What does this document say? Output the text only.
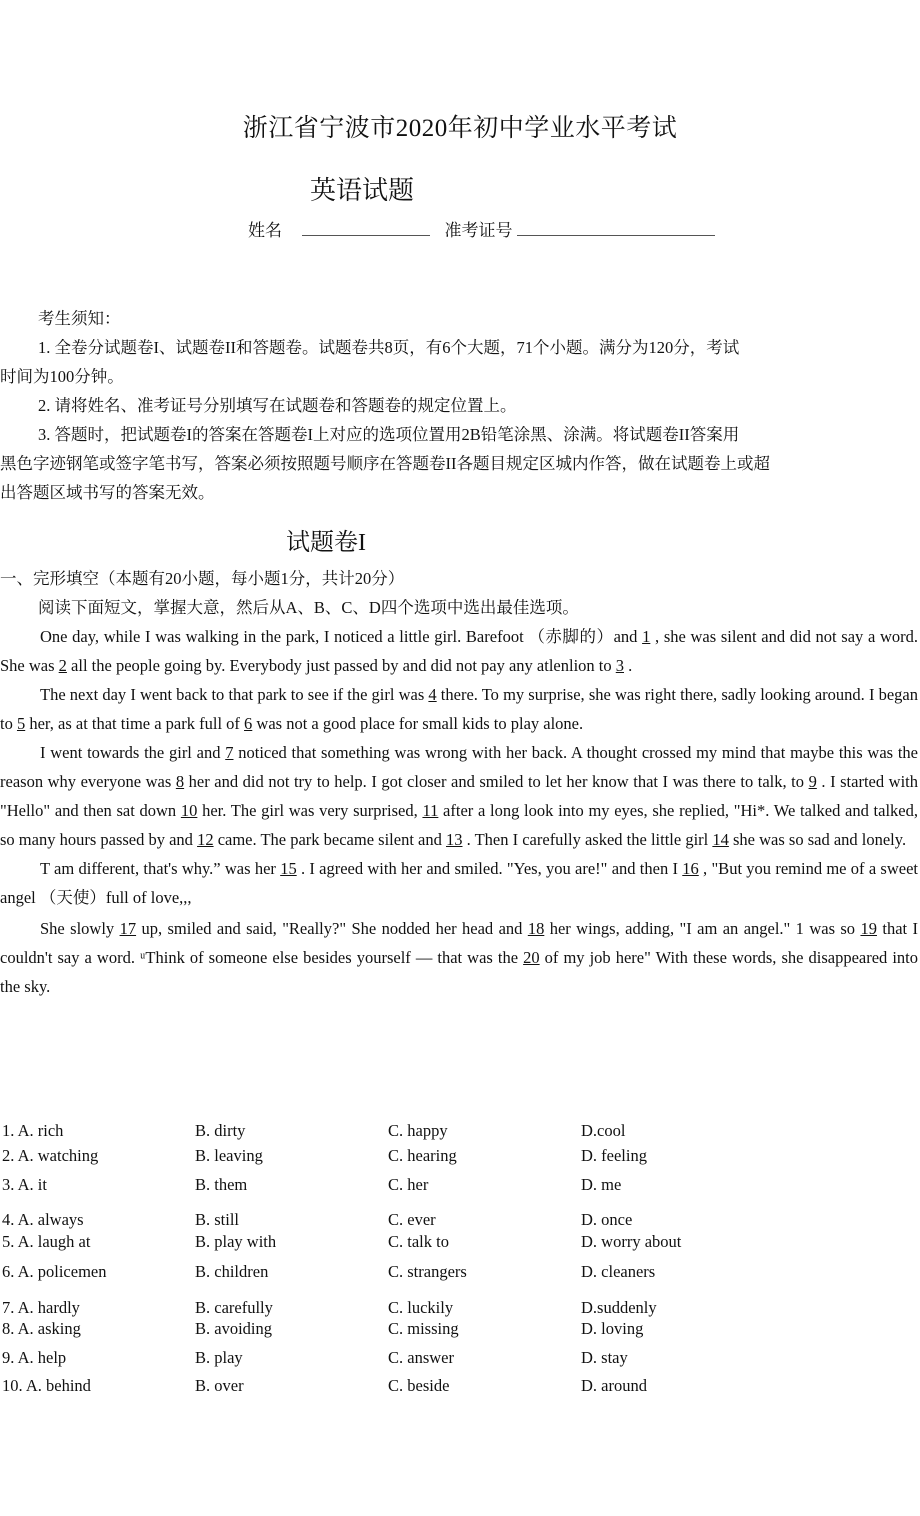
浙江省宁波市2020年初中学业水平考试
英语试题
姓名	准考证号

考生须知：

1. 全卷分试题卷I、试题卷II和答题卷。试题卷共8页，有6个大题，71个小题。满分为120分，考试

时间为100分钟。

2. 请将姓名、准考证号分别填写在试题卷和答题卷的规定位置上。

3. 答题时，把试题卷I的答案在答题卷I上对应的选项位置用2B铅笔涂黑、涂满。将试题卷II答案用

黑色字迹钢笔或签字笔书写，答案必须按照题号顺序在答题卷II各题目规定区城内作答，做在试题卷上或超

出答题区域书写的答案无效。

试题卷I

一、完形填空（本题有20小题，每小题1分，共计20分）

阅读下面短文，掌握大意，然后从A、B、C、D四个选项中选出最佳选项。

One day, while I was walking in the park, I noticed a little girl. Barefoot （赤脚的）and 1 , she was silent and did not say a word. She was 2 all the people going by. Everybody just passed by and did not pay any atlenlion to 3 .

The next day I went back to that park to see if the girl was 4 there. To my surprise, she was right there, sadly looking around. I began to 5 her, as at that time a park full of 6 was not a good place for small kids to play alone.

I went towards the girl and 7 noticed that something was wrong with her back. A thought crossed my mind that maybe this was the reason why everyone was 8 her and did not try to help. I got closer and smiled to let her know that I was there to talk, to 9 . I started with "Hello" and then sat down 10 her. The girl was very surprised, 11 after a long look into my eyes, she replied, "Hi*. We talked and talked, so many hours passed by and 12 came. The park became silent and 13 . Then I carefully asked the little girl 14 she was so sad and lonely.

T am different, that's why.” was her 15 . I agreed with her and smiled. "Yes, you are!" and then I 16 , "But you remind me of a sweet angel （天使）full of love,,,

She slowly 17 up, smiled and said, "Really?" She nodded her head and 18 her wings, adding, "I am an angel." 1 was so 19 that I couldn't say a word. ᵘThink of someone else besides yourself — that was the 20 of my job here" With these words, she disappeared into the sky.

1. A. rich	B. dirty	C. happy	D.cool
2. A. watching	B. leaving	C. hearing	D. feeling
3. A. it	B. them	C. her	D. me
4. A. always	B. still	C. ever	D. once
5. A. laugh at	B. play with	C. talk to	D. worry about
6. A. policemen	B. children	C. strangers	D. cleaners
7. A. hardly	B. carefully	C. luckily	D.suddenly
8. A. asking	B. avoiding	C. missing	D. loving
9. A. help	B. play	C. answer	D. stay
10. A. behind	B. over	C. beside	D. around
